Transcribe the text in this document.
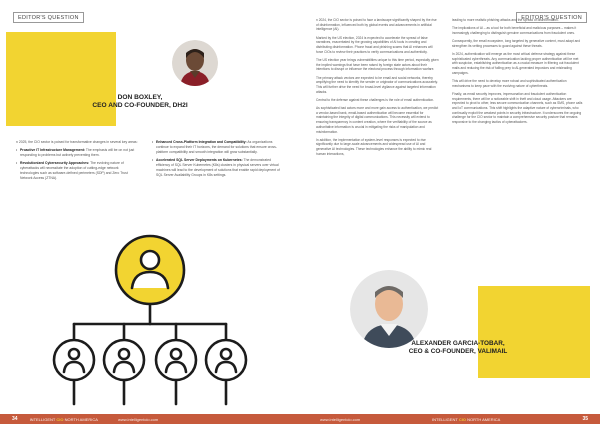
EDITOR'S QUESTION
DON BOXLEY,
CEO AND CO-FOUNDER, DH2I

n 2025, the CIO sector is poised for transformative changes in several key areas:

• Proactive IT Infrastructure Management: The emphasis will be on not just responding to problems but actively preventing them.
• Revolutionized Cybersecurity Approaches: The evolving nature of cyberattacks will necessitate the adoption of cutting-edge network technologies such as software-defined perimeters (SDP) and Zero Trust Network Access (ZTNA).
• Enhanced Cross-Platform Integration and Compatibility: As organizations continue to expand their IT horizons, the demand for solutions that ensure cross-platform compatibility and smooth integration will grow substantially.
• Accelerated SQL Server Deployments on Kubernetes: The demonstrated efficiency of SQL Server Kubernetes (K8s) clusters in physical servers over virtual machines will lead to the development of solutions that enable rapid deployment of SQL Server Availability Groups in K8s settings.
34	INTELLIGENT CIO NORTH AMERICA	www.intelligentcio.com
EDITOR'S QUESTION

n 2024, the CIO sector is poised to face a landscape significantly shaped by the rise of disinformation, influenced both by global events and advancements in artificial intelligence (AI).

Marked by the US election, 2024 is expected to accelerate the spread of false narratives, exacerbated by the growing capabilities of AI tools in creating and distributing disinformation. Phone fraud and phishing scams that AI enhances will force CIOs to review their practices to verify communications and authenticity.

The US election year brings vulnerabilities unique to this time period, especially given the implied warnings that have been raised by foreign state actors about their intentions to disrupt or influence the electoral process through information warfare.

The primary attack vectors are expected to be email and social networks, thereby amplifying the need to identify the sender or originator of communications accurately. This will further drive the need for broad-level vigilance against targeted information attacks.

Central to the defense against these challenges is the role of email authentication.

As sophisticated bad actors more and more gain access to authentication, we predict a vendor-based bank, email-based authentication will become essential for maintaining the integrity of digital communications. This necessity will extend to ensuring transparency in content creation, where the verifiability of the source as authoritative information is crucial in mitigating the risks of manipulation and misinformation.

In addition, the implementation of system-level responses is expected to rise significantly due to large-scale advancements and widespread use of AI and generative AI technologies. These technologies enhance the ability to mimic real human interactions,

leading to more realistic phishing attacks and the spread of disinformation.

The implications of AI – as a tool for both beneficial and malicious purposes – makes it increasingly challenging to distinguish genuine communications from fraudulent ones.

Consequently, the email ecosystem, long targeted by generative content, must adapt and strengthen its vetting processes to guard against these threats.

In 2024, authentication will emerge as the most critical defense strategy against these sophisticated cyberthreats. Any communication lacking proper authentication will be met with suspicion, establishing authentication as a crucial measure in filtering out fraudulent mails and reducing the risk of falling prey to AI-generated impostors and misleading campaigns.

This will drive the need to develop more robust and sophisticated authentication mechanisms to keep pace with the evolving nature of cyberthreats.

Finally, as email security improves, impersonation and fraudulent authentication requirements, there will be a noticeable shift in theft and cloud usage. Attackers are expected to pivot to other, less secure communication channels, such as SMS, phone calls and IoT communications. This shift highlights the adaptive nature of cybercriminals, who continually exploit the weakest points in security infrastructure. It underscores the ongoing challenge for the CIO sector to maintain a comprehensive security posture that remains responsive to the changing tactics of cyberattackers.

ALEXANDER GARCIA-TOBAR,
CEO & CO-FOUNDER, VALIMAIL
www.intelligentcio.com	INTELLIGENT CIO NORTH AMERICA	35
